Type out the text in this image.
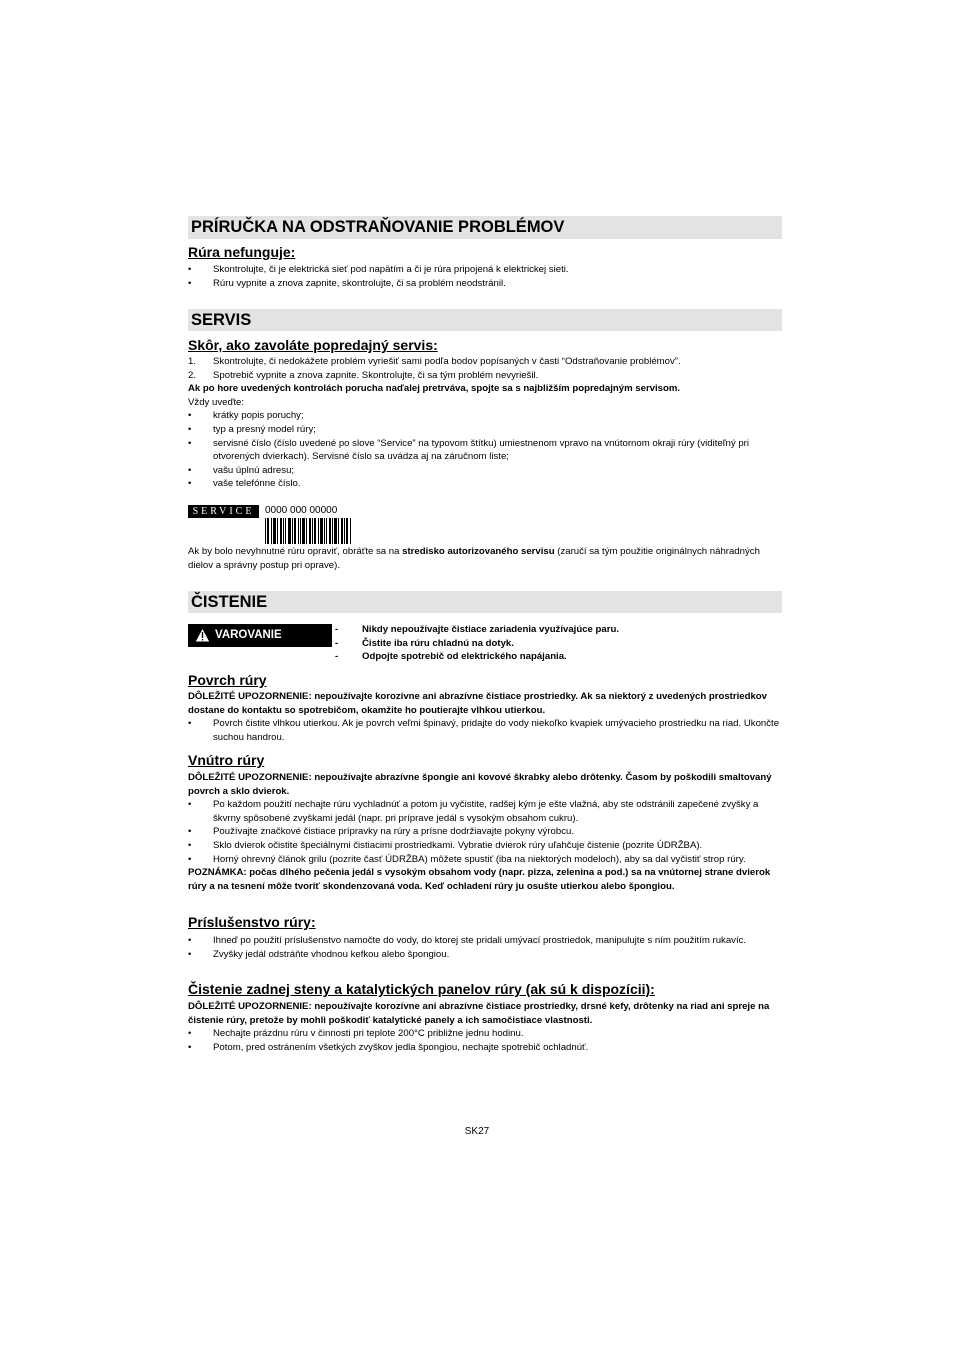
PRÍRUČKA NA ODSTRAŇOVANIE PROBLÉMOV
Rúra nefunguje:
• Skontrolujte, či je elektrická sieť pod napätím a či je rúra pripojená k elektrickej sieti.
• Rúru vypnite a znova zapnite, skontrolujte, či sa problém neodstránil.
SERVIS
Skôr, ako zavoláte popredajný servis:
1. Skontrolujte, či nedokážete problém vyriešiť sami podľa bodov popísaných v časti “Odstraňovanie problémov”.
2. Spotrebič vypnite a znova zapnite. Skontrolujte, či sa tým problém nevyriešil.
Ak po hore uvedených kontrolách porucha naďalej pretrváva, spojte sa s najbližším popredajným servisom.
Vždy uveďte:
• krátky popis poruchy;
• typ a presný model rúry;
• servisné číslo (číslo uvedené po slove “Service” na typovom štítku) umiestnenom vpravo na vnútornom okraji rúry (viditeľný pri otvorených dvierkach). Servisné číslo sa uvádza aj na záručnom liste;
• vašu úplnú adresu;
• vaše telefónne číslo.
SERVICE	0000 000 00000
Ak by bolo nevyhnutné rúru opraviť, obráťte sa na stredisko autorizovaného servisu (zaručí sa tým použitie originálnych náhradných dielov a správny postup pri oprave).
ČISTENIE
VAROVANIE
-	Nikdy nepoužívajte čistiace zariadenia využívajúce paru.
- Čistite iba rúru chladnú na dotyk.
- Odpojte spotrebič od elektrického napájania.
Povrch rúry
DÔLEŽITÉ UPOZORNENIE: nepoužívajte korozívne ani abrazívne čistiace prostriedky. Ak sa niektorý z uvedených prostriedkov dostane do kontaktu so spotrebičom, okamžite ho poutierajte vlhkou utierkou.
• Povrch čistite vlhkou utierkou. Ak je povrch veľmi špinavý, pridajte do vody niekoľko kvapiek umývacieho prostriedku na riad. Ukončte suchou handrou.
Vnútro rúry
DÔLEŽITÉ UPOZORNENIE: nepoužívajte abrazívne špongie ani kovové škrabky alebo drôtenky. Časom by poškodili smaltovaný povrch a sklo dvierok.
• Po každom použití nechajte rúru vychladnúť a potom ju vyčistite, radšej kým je ešte vlažná, aby ste odstránili zapečené zvyšky a škvrny spôsobené zvyškami jedál (napr. pri príprave jedál s vysokým obsahom cukru).
• Používajte značkové čistiace prípravky na rúry a prísne dodržiavajte pokyny výrobcu.
• Sklo dvierok očistite špeciálnymi čistiacimi prostriedkami. Vybratie dvierok rúry uľahčuje čistenie (pozrite ÚDRŽBA).
• Horný ohrevný článok grilu (pozrite časť ÚDRŽBA) môžete spustiť (iba na niektorých modeloch), aby sa dal vyčistiť strop rúry.
POZNÁMKA: počas dlhého pečenia jedál s vysokým obsahom vody (napr. pizza, zelenina a pod.) sa na vnútornej strane dvierok rúry a na tesnení môže tvoriť skondenzovaná voda. Keď ochladení rúry ju osušte utierkou alebo špongiou.
Príslušenstvo rúry:
• Ihneď po použití príslušenstvo namočte do vody, do ktorej ste pridali umývací prostriedok, manipulujte s ním použitím rukavíc.
• Zvyšky jedál odstráňte vhodnou kefkou alebo špongiou.
Čistenie zadnej steny a katalytických panelov rúry (ak sú k dispozícii):
DÔLEŽITÉ UPOZORNENIE: nepoužívajte korozívne ani abrazívne čistiace prostriedky, drsné kefy, drôtenky na riad ani spreje na čistenie rúry, pretože by mohli poškodiť katalytické panely a ich samočistiace vlastnosti.
• Nechajte prázdnu rúru v činnosti pri teplote 200°C približne jednu hodinu.
• Potom, pred ostránením všetkých zvyškov jedla špongiou, nechajte spotrebič ochladnúť.
SK27
